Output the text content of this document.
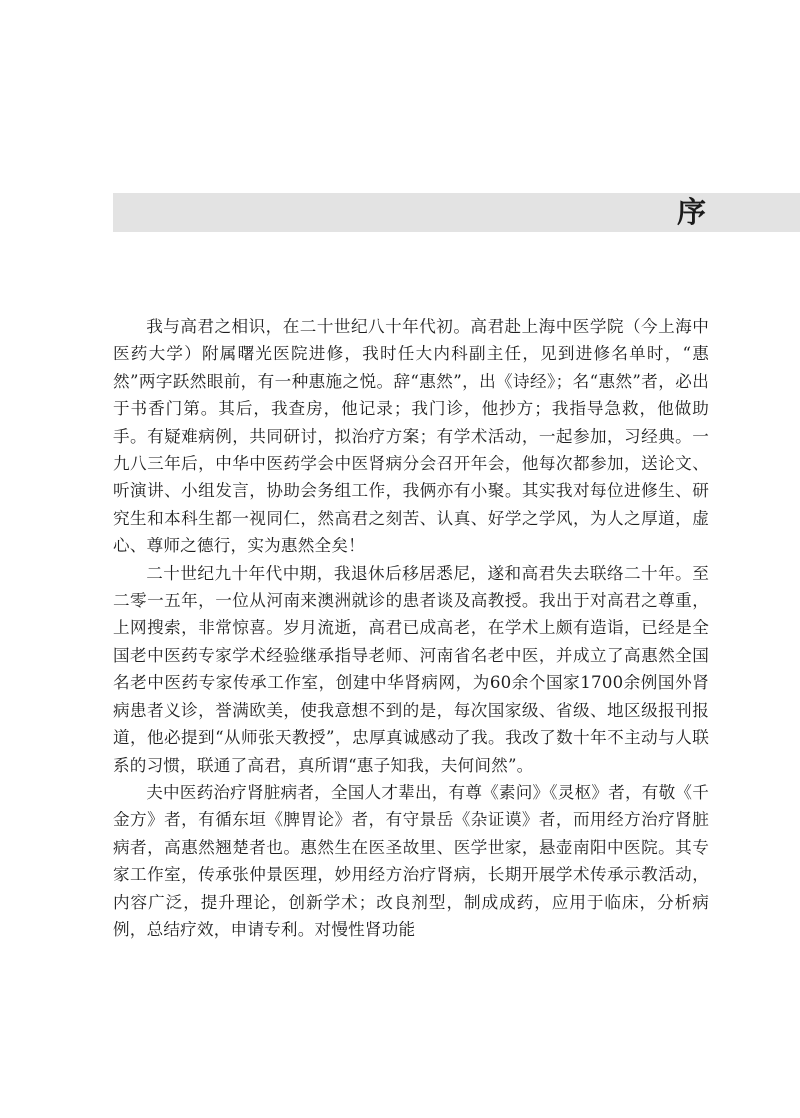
序

我与高君之相识，在二十世纪八十年代初。高君赴上海中医学院（今上海中医药大学）附属曙光医院进修，我时任大内科副主任，见到进修名单时，“惠然”两字跃然眼前，有一种惠施之悦。辞“惠然”，出《诗经》；名“惠然”者，必出于书香门第。其后，我查房，他记录；我门诊，他抄方；我指导急救，他做助手。有疑难病例，共同研讨，拟治疗方案；有学术活动，一起参加，习经典。一九八三年后，中华中医药学会中医肾病分会召开年会，他每次都参加，送论文、听演讲、小组发言，协助会务组工作，我俩亦有小聚。其实我对每位进修生、研究生和本科生都一视同仁，然高君之刻苦、认真、好学之学风，为人之厚道，虚心、尊师之德行，实为惠然全矣！

二十世纪九十年代中期，我退休后移居悉尼，遂和高君失去联络二十年。至二零一五年，一位从河南来澳洲就诊的患者谈及高教授。我出于对高君之尊重，上网搜索，非常惊喜。岁月流逝，高君已成高老，在学术上颇有造诣，已经是全国老中医药专家学术经验继承指导老师、河南省名老中医，并成立了高惠然全国名老中医药专家传承工作室，创建中华肾病网，为60余个国家1700余例国外肾病患者义诊，誉满欧美，使我意想不到的是，每次国家级、省级、地区级报刊报道，他必提到“从师张天教授”，忠厚真诚感动了我。我改了数十年不主动与人联系的习惯，联通了高君，真所谓“惠子知我，夫何间然”。

夫中医药治疗肾脏病者，全国人才辈出，有尊《素问》《灵枢》者，有敬《千金方》者，有循东垣《脾胃论》者，有守景岳《杂证谟》者，而用经方治疗肾脏病者，高惠然翘楚者也。惠然生在医圣故里、医学世家，悬壶南阳中医院。其专家工作室，传承张仲景医理，妙用经方治疗肾病，长期开展学术传承示教活动，内容广泛，提升理论，创新学术；改良剂型，制成成药，应用于临床，分析病例，总结疗效，申请专利。对慢性肾功能
